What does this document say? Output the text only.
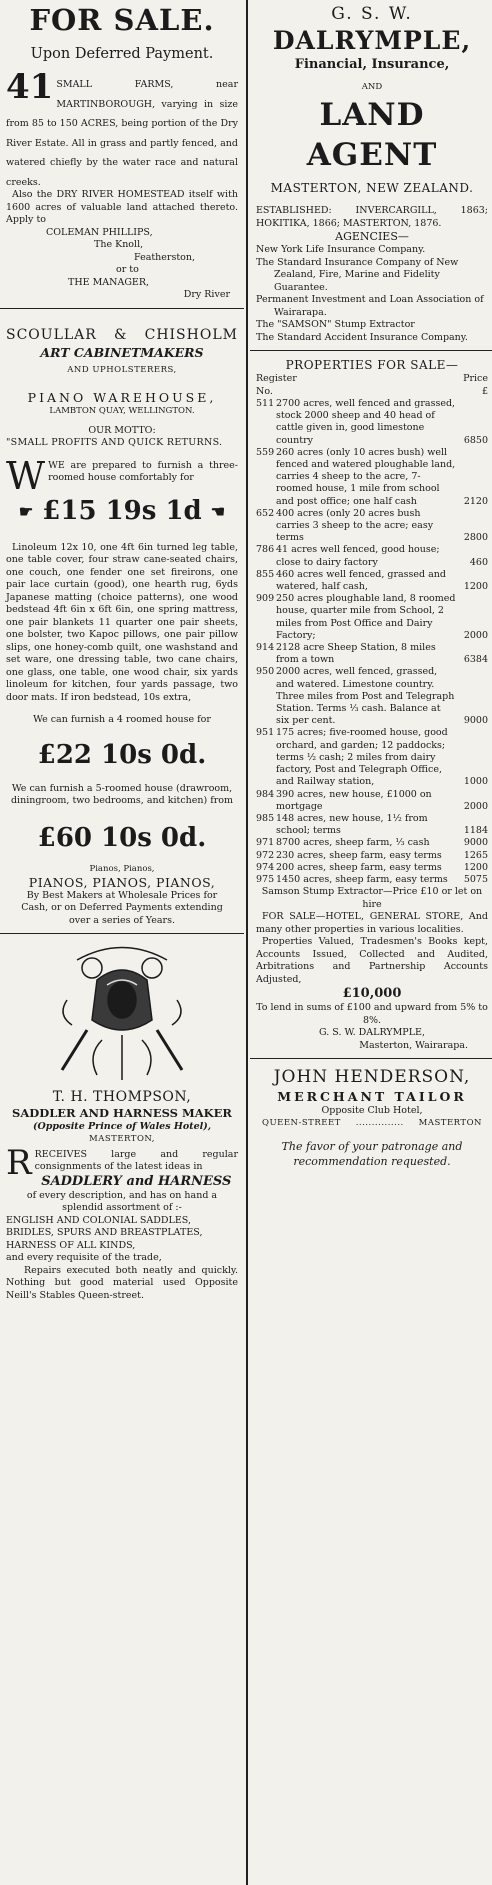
FOR SALE.
Upon Deferred Payment.
41 SMALL FARMS, near MARTINBOROUGH, varying in size from 85 to 150 ACRES, being portion of the Dry River Estate. All in grass and partly fenced, and watered chiefly by the water race and natural creeks.

Also the DRY RIVER HOMESTEAD itself with 1600 acres of valuable land attached thereto. Apply to

COLEMAN PHILLIPS,

The Knoll,

Featherston,

or to

THE MANAGER,

Dry River

SCOULLAR & CHISHOLM
ART CABINETMAKERS
AND UPHOLSTERERS,
PIANO WAREHOUSE,
LAMBTON QUAY, WELLINGTON.
OUR MOTTO:
"SMALL PROFITS AND QUICK RETURNS.

WWE are prepared to furnish a three-roomed house comfortably for

☛ £15 19s 1d ☚

Linoleum 12x 10, one 4ft 6in turned leg table, one table cover, four straw cane-seated chairs, one couch, one fender one set fireirons, one pair lace curtain (good), one hearth rug, 6yds Japanese matting (choice patterns), one wood bedstead 4ft 6in x 6ft 6in, one spring mattress, one pair blankets 11 quarter one pair sheets, one bolster, two Kapoc pillows, one pair pillow slips, one honey-comb quilt, one washstand and set ware, one dressing table, two cane chairs, one glass, one table, one wood chair, six yards linoleum for kitchen, four yards passage, two door mats. If iron bedstead, 10s extra,

We can furnish a 4 roomed house for

£22 10s 0d.

We can furnish a 5-roomed house (drawroom, diningroom, two bedrooms, and kitchen) from

£60 10s 0d.

Pianos, Pianos,

PIANOS, PIANOS, PIANOS,

By Best Makers at Wholesale Prices for Cash, or on Deferred Payments extending over a series of Years.

T. H. THOMPSON,
SADDLER AND HARNESS MAKER
(Opposite Prince of Wales Hotel),
MASTERTON,

RRECEIVES large and regular consignments of the latest ideas in

SADDLERY and HARNESS

of every description, and has on hand a splendid assortment of :-

ENGLISH AND COLONIAL SADDLES,

BRIDLES, SPURS AND BREASTPLATES,

HARNESS OF ALL KINDS,

and every requisite of the trade,

Repairs executed both neatly and quickly. Nothing but good material used Opposite Neill's Stables Queen-street.

G. S. W.
DALRYMPLE,
Financial, Insurance,
AND
LAND AGENT
MASTERTON, NEW ZEALAND.

ESTABLISHED: INVERCARGILL, 1863; HOKITIKA, 1866; MASTERTON, 1876.

AGENCIES—

New York Life Insurance Company.

The Standard Insurance Company of New Zealand, Fire, Marine and Fidelity Guarantee.

Permanent Investment and Loan Association of Wairarapa.

The "SAMSON" Stump Extractor

The Standard Accident Insurance Company.

PROPERTIES FOR SALE—
Register	Price
No.	£
511 2700 acres, well fenced and grassed, stock 2000 sheep and 40 head of cattle given in, good limestone country	6850
559 260 acres (only 10 acres bush) well fenced and watered ploughable land, carries 4 sheep to the acre, 7-roomed house, 1 mile from school and post office; one half cash	2120
652 400 acres (only 20 acres bush carries 3 sheep to the acre; easy terms	2800
786 41 acres well fenced, good house; close to dairy factory	460
855 460 acres well fenced, grassed and watered, half cash,	1200
909 250 acres ploughable land, 8 roomed house, quarter mile from School, 2 miles from Post Office and Dairy Factory;	2000
914 2128 acre Sheep Station, 8 miles from a town	6384
950 2000 acres, well fenced, grassed, and watered. Limestone country. Three miles from Post and Telegraph Station. Terms ⅓ cash. Balance at six per cent.	9000
951 175 acres; five-roomed house, good orchard, and garden; 12 paddocks; terms ½ cash; 2 miles from dairy factory, Post and Telegraph Office, and Railway station,	1000
984 390 acres, new house, £1000 on mortgage	2000
985 148 acres, new house, 1½ from school; terms	1184
971 8700 acres, sheep farm, ⅓ cash	9000
972 230 acres, sheep farm, easy terms	1265
974 200 acres, sheep farm, easy terms	1200
975 1450 acres, sheep farm, easy terms	5075

Samson Stump Extractor—Price £10 or let on hire

FOR SALE—HOTEL, GENERAL STORE, And many other properties in various localities.

Properties Valued, Tradesmen's Books kept, Accounts Issued, Collected and Audited, Arbitrations and Partnership Accounts Adjusted,

£10,000

To lend in sums of £100 and upward from 5% to 8%.

G. S. W. DALRYMPLE,

Masterton, Wairarapa.

JOHN HENDERSON,
MERCHANT TAILOR
Opposite Club Hotel,
QUEEN-STREET ............... MASTERTON

The favor of your patronage and recommendation requested.
